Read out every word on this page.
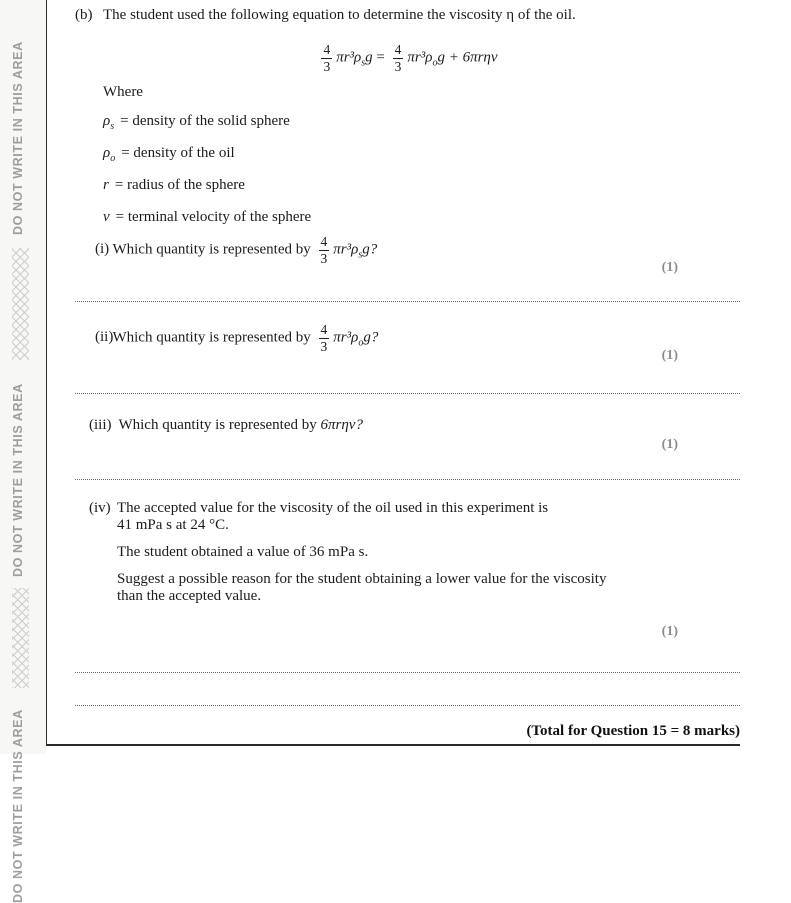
DO NOT WRITE IN THIS AREA
DO NOT WRITE IN THIS AREA
DO NOT WRITE IN THIS AREA
(b) The student used the following equation to determine the viscosity η of the oil.
$\frac{4}{3} \pi r^3\rho_sg = \frac{4}{3} \pi r^3\rho_og + 6\pi r\eta v$
Where
$\rho_s$ = density of the solid sphere
$\rho_o$ = density of the oil
r = radius of the sphere
v = terminal velocity of the sphere
(i) Which quantity is represented by $\frac{4}{3} \pi r^3\rho_sg$?
(1)
(ii) Which quantity is represented by $\frac{4}{3} \pi r^3\rho_og$?
(1)
(iii) Which quantity is represented by 6πrηv?
(1)
(iv) The accepted value for the viscosity of the oil used in this experiment is
41 mPa s at 24 °C.
The student obtained a value of 36 mPa s.
Suggest a possible reason for the student obtaining a lower value for the viscosity
than the accepted value.
(1)
(Total for Question 15 = 8 marks)
